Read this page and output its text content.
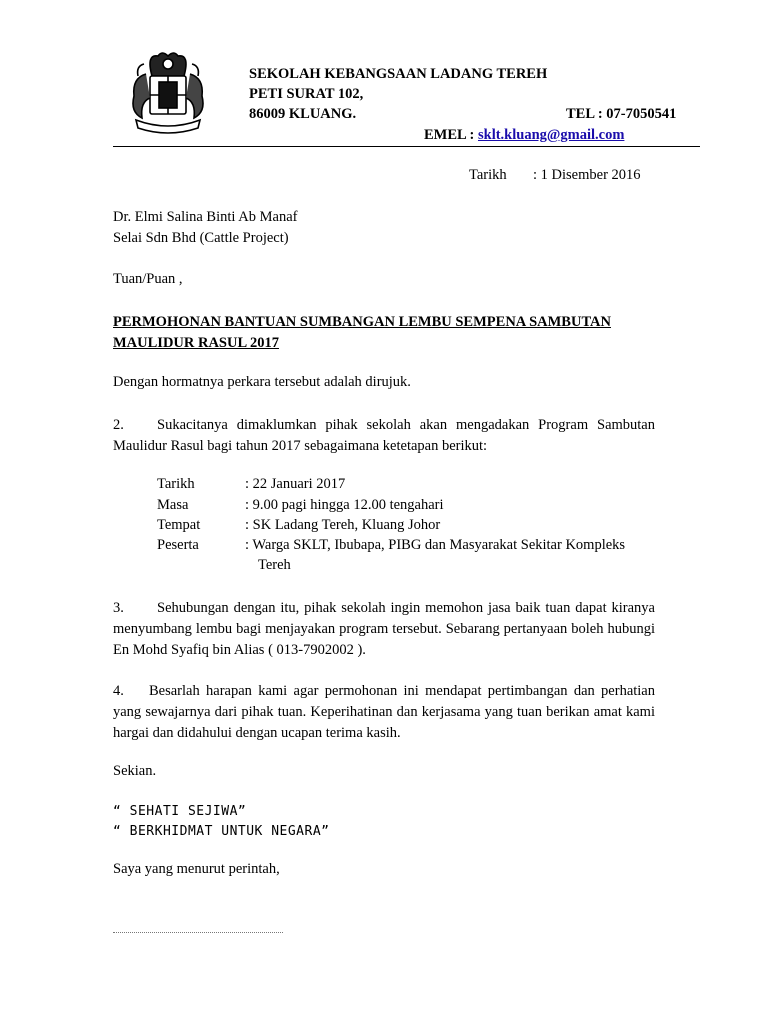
SEKOLAH KEBANGSAAN LADANG TEREH
PETI SURAT 102,
86009 KLUANG.	TEL : 07-7050541
EMEL : sklt.kluang@gmail.com
Tarikh : 1 Disember 2016
Dr. Elmi Salina Binti Ab Manaf
Selai Sdn Bhd (Cattle Project)
Tuan/Puan ,
PERMOHONAN BANTUAN SUMBANGAN LEMBU SEMPENA SAMBUTAN
MAULIDUR RASUL 2017
Dengan hormatnya perkara tersebut adalah dirujuk.
2. Sukacitanya dimaklumkan pihak sekolah akan mengadakan Program Sambutan Maulidur Rasul bagi tahun 2017 sebagaimana ketetapan berikut:
Tarikh	: 22 Januari 2017
Masa	: 9.00 pagi hingga 12.00 tengahari
Tempat	: SK Ladang Tereh, Kluang Johor
Peserta	: Warga SKLT, Ibubapa, PIBG dan Masyarakat Sekitar Kompleks
Tereh
3. Sehubungan dengan itu, pihak sekolah ingin memohon jasa baik tuan dapat kiranya menyumbang lembu bagi menjayakan program tersebut. Sebarang pertanyaan boleh hubungi En Mohd Syafiq bin Alias ( 013-7902002 ).
4. Besarlah harapan kami agar permohonan ini mendapat pertimbangan dan perhatian yang sewajarnya dari pihak tuan. Keperihatinan dan kerjasama yang tuan berikan amat kami hargai dan didahului dengan ucapan terima kasih.
Sekian.
“ SEHATI SEJIWA”
“ BERKHIDMAT UNTUK NEGARA”
Saya yang menurut perintah,
